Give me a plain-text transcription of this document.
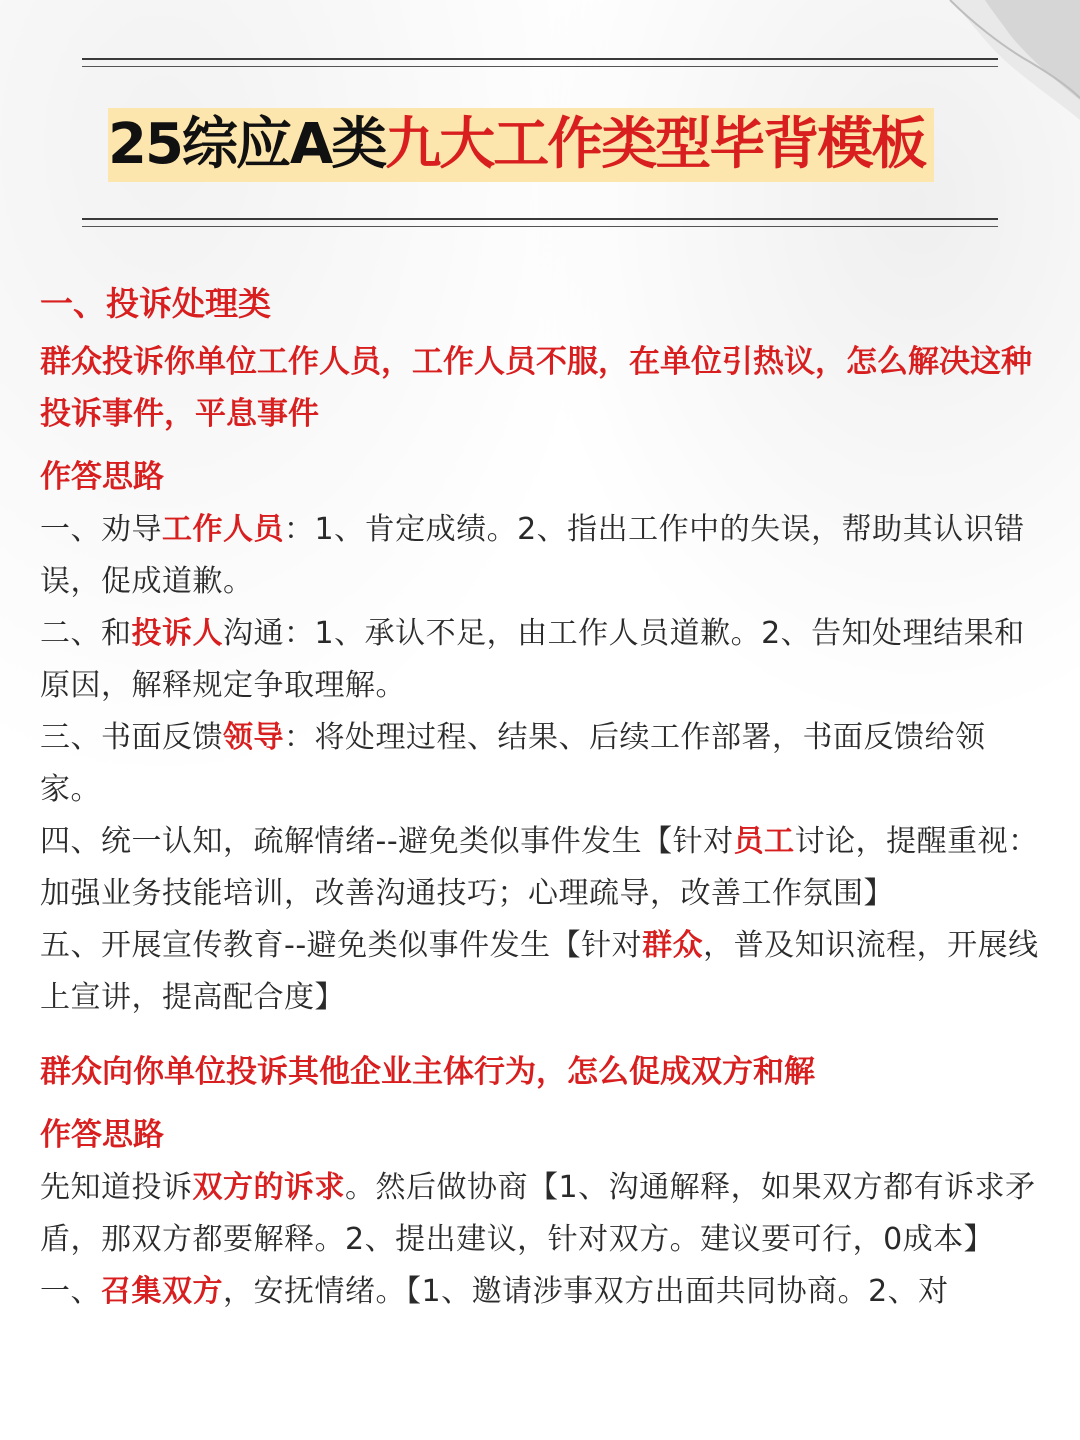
25综应A类九大工作类型毕背模板
一、投诉处理类
群众投诉你单位工作人员，工作人员不服，在单位引热议，怎么解决这种投诉事件，平息事件
作答思路

一、劝导工作人员：1、肯定成绩。2、指出工作中的失误，帮助其认识错误，促成道歉。

二、和投诉人沟通：1、承认不足，由工作人员道歉。2、告知处理结果和原因，解释规定争取理解。

三、书面反馈领导：将处理过程、结果、后续工作部署，书面反馈给领家。

四、统一认知，疏解情绪--避免类似事件发生【针对员工讨论，提醒重视：加强业务技能培训，改善沟通技巧；心理疏导，改善工作氛围】

五、开展宣传教育--避免类似事件发生【针对群众，普及知识流程，开展线上宣讲，提高配合度】

群众向你单位投诉其他企业主体行为，怎么促成双方和解
作答思路

先知道投诉双方的诉求。然后做协商【1、沟通解释，如果双方都有诉求矛盾，那双方都要解释。2、提出建议，针对双方。建议要可行，0成本】

一、召集双方，安抚情绪。【1、邀请涉事双方出面共同协商。2、对
